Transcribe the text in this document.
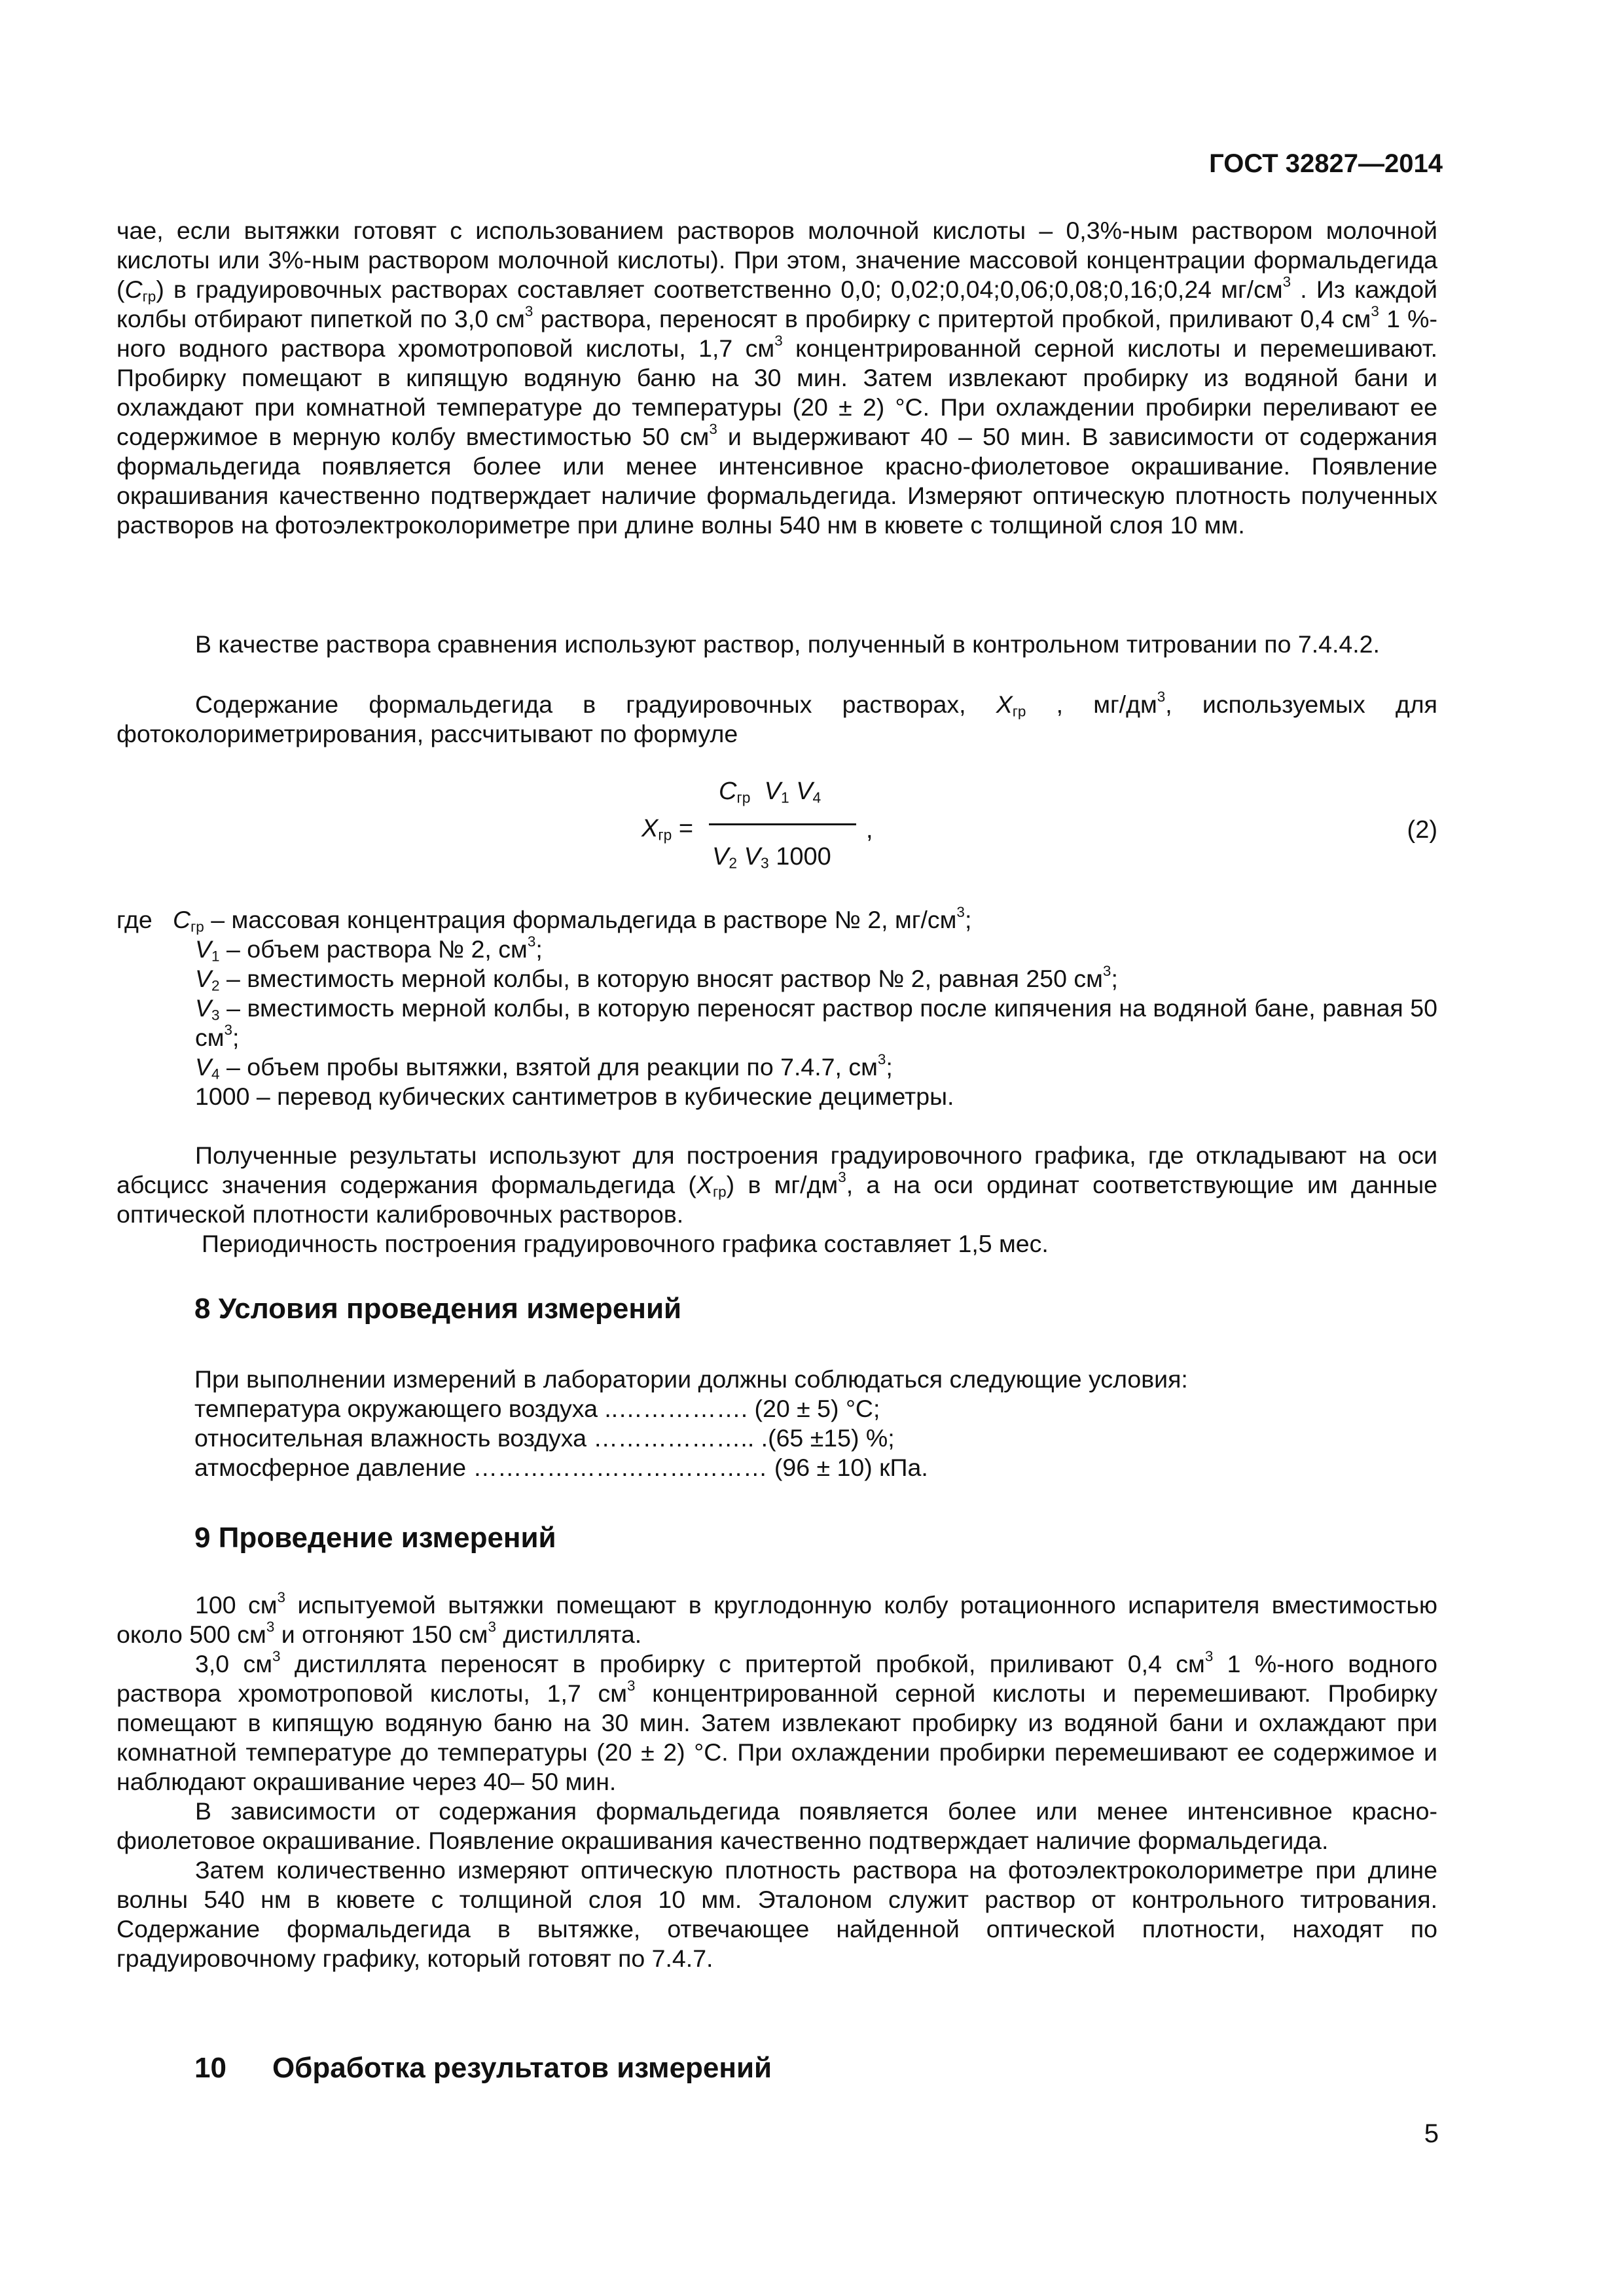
ГОСТ 32827—2014

чае, если вытяжки готовят с использованием растворов молочной кислоты – 0,3%-ным раствором молочной кислоты или 3%-ным раствором молочной кислоты). При этом, значение массовой концентрации формальдегида $(C_{гр})$ в градуировочных растворах составляет соответственно 0,0; 0,02;0,04;0,06;0,08;0,16;0,24 $мг/см^3$ . Из каждой колбы отбирают пипеткой по 3,0 $см^3$ раствора, переносят в пробирку с притертой пробкой, приливают 0,4 $см^3$ 1 %-ного водного раствора хромотроповой кислоты, 1,7 $см^3$ концентрированной серной кислоты и перемешивают. Пробирку помещают в кипящую водяную баню на 30 мин. Затем извлекают пробирку из водяной бани и охлаждают при комнатной температуре до температуры (20 ± 2) °С. При охлаждении пробирки переливают ее содержимое в мерную колбу вместимостью 50 $см^3$ и выдерживают 40 – 50 мин. В зависимости от содержания формальдегида появляется более или менее интенсивное красно-фиолетовое окрашивание. Появление окрашивания качественно подтверждает наличие формальдегида. Измеряют оптическую плотность полученных растворов на фотоэлектроколориметре при длине волны 540 нм в кювете с толщиной слоя 10 мм.

В качестве раствора сравнения используют раствор, полученный в контрольном титровании по 7.4.4.2.

Содержание формальдегида в градуировочных растворах, $X_{гр}$ , $мг/дм^3$, используемых для фотоколориметрирования, рассчитывают по формуле

$X_{гр}$ =
$C_{гр}$ $V_1$ $V_4$
$V_2$ $V_3$ 1000
,	(2)
где $C_{гр}$ – массовая концентрация формальдегида в растворе № 2, $мг/см^3$;
$V_1$ – объем раствора № 2, $см^3$;
$V_2$ – вместимость мерной колбы, в которую вносят раствор № 2, равная 250 $см^3$;
$V_3$ – вместимость мерной колбы, в которую переносят раствор после кипячения на водяной бане, равная 50 $см^3$;
$V_4$ – объем пробы вытяжки, взятой для реакции по 7.4.7, $см^3$;
1000 – перевод кубических сантиметров в кубические дециметры.

Полученные результаты используют для построения градуировочного графика, где откладывают на оси абсцисс значения содержания формальдегида $(X_{гр})$ в $мг/дм^3$, а на оси ординат соответствующие им данные оптической плотности калибровочных растворов.

Периодичность построения градуировочного графика составляет 1,5 мес.

8 Условия проведения измерений
При выполнении измерений в лаборатории должны соблюдаться следующие условия:
температура окружающего воздуха ..……………. (20 ± 5) °С;
относительная влажность воздуха ……………….. .(65 ±15) %;
атмосферное давление ……………………………… (96 ± 10) кПа.
9 Проведение измерений

100 $см^3$ испытуемой вытяжки помещают в круглодонную колбу ротационного испарителя вместимостью около 500 $см^3$ и отгоняют 150 $см^3$ дистиллята.

3,0 $см^3$ дистиллята переносят в пробирку с притертой пробкой, приливают 0,4 $см^3$ 1 %-ного водного раствора хромотроповой кислоты, 1,7 $см^3$ концентрированной серной кислоты и перемешивают. Пробирку помещают в кипящую водяную баню на 30 мин. Затем извлекают пробирку из водяной бани и охлаждают при комнатной температуре до температуры (20 ± 2) °С. При охлаждении пробирки перемешивают ее содержимое и наблюдают окрашивание через 40– 50 мин.

В зависимости от содержания формальдегида появляется более или менее интенсивное красно-фиолетовое окрашивание. Появление окрашивания качественно подтверждает наличие формальдегида.

Затем количественно измеряют оптическую плотность раствора на фотоэлектроколориметре при длине волны 540 нм в кювете с толщиной слоя 10 мм. Эталоном служит раствор от контрольного титрования. Содержание формальдегида в вытяжке, отвечающее найденной оптической плотности, находят по градуировочному графику, который готовят по 7.4.7.

10 Обработка результатов измерений
5
